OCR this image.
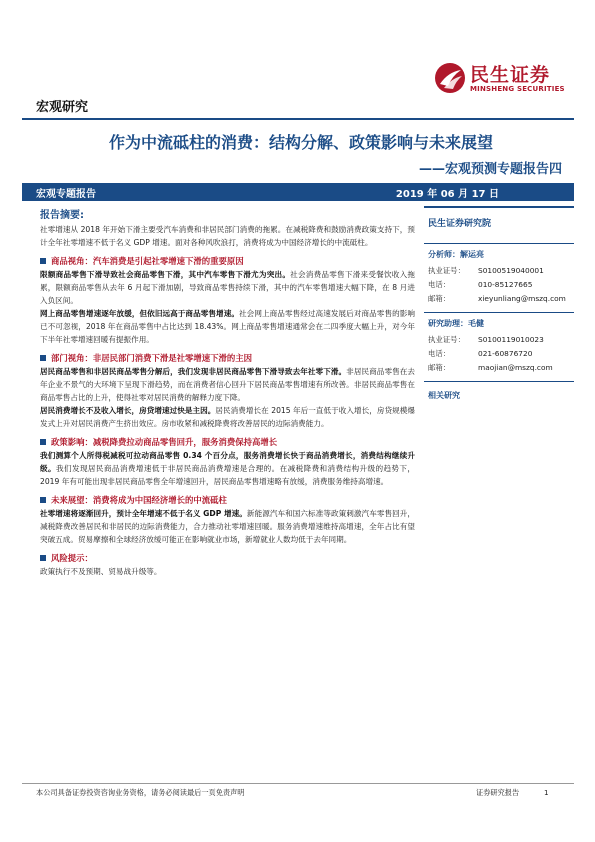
民生证券
MINSHENG SECURITIES
宏观研究
作为中流砥柱的消费：结构分解、政策影响与未来展望
——宏观预测专题报告四
宏观专题报告	2019 年 06 月 17 日
报告摘要:

社零增速从 2018 年开始下滑主要受汽车消费和非居民部门消费的拖累。在减税降费和鼓励消费政策支持下，预计全年社零增速不低于名义 GDP 增速。面对各种风吹浪打，消费将成为中国经济增长的中流砥柱。

商品视角：汽车消费是引起社零增速下滑的重要原因

限额商品零售下滑导致社会商品零售下滑，其中汽车零售下滑尤为突出。社会消费品零售下滑来受餐饮收入拖累，限额商品零售从去年 6 月起下滑加剧，导致商品零售持续下滑，其中的汽车零售增速大幅下降，在 8 月进入负区间。

网上商品零售增速逐年放缓，但依旧远高于商品零售增速。社会网上商品零售经过高速发展后对商品零售的影响已不可忽视，2018 年在商品零售中占比达到 18.43%。网上商品零售增速通常会在二四季度大幅上升，对今年下半年社零增速回暖有提振作用。

部门视角：非居民部门消费下滑是社零增速下滑的主因

居民商品零售和非居民商品零售分解后，我们发现非居民商品零售下滑导致去年社零下滑。非居民商品零售在去年企业不景气的大环境下呈现下滑趋势，而在消费者信心回升下居民商品零售增速有所改善。非居民商品零售在商品零售占比的上升，使得社零对居民消费的解释力度下降。

居民消费增长不及收入增长，房贷增速过快是主因。居民消费增长在 2015 年后一直低于收入增长，房贷规模爆发式上升对居民消费产生挤出效应。房市收紧和减税降费将改善居民的边际消费能力。

政策影响：减税降费拉动商品零售回升，服务消费保持高增长

我们测算个人所得税减税可拉动商品零售 0.34 个百分点，服务消费增长快于商品消费增长，消费结构继续升级。我们发现居民商品消费增速低于非居民商品消费增速是合理的。在减税降费和消费结构升级的趋势下，2019 年有可能出现非居民商品零售全年增速回升，居民商品零售增速略有放缓，消费服务维持高增速。

未来展望：消费将成为中国经济增长的中流砥柱

社零增速将逐渐回升，预计全年增速不低于名义 GDP 增速。新能源汽车和国六标准等政策刺激汽车零售回升，减税降费改善居民和非居民的边际消费能力，合力推动社零增速回暖。服务消费增速维持高增速，全年占比有望突破五成。贸易摩擦和全球经济放缓可能正在影响就业市场，新增就业人数均低于去年同期。

风险提示：

政策执行不及预期、贸易战升级等。

民生证券研究院
分析师：解运亮
执业证号：	S0100519040001
电话：	010-85127665
邮箱：	xieyunliang@mszq.com
研究助理：毛健
执业证号：	S0100119010023
电话：	021-60876720
邮箱：	maojian@mszq.com
相关研究
本公司具备证券投资咨询业务资格，请务必阅读最后一页免责声明	证券研究报告	1
